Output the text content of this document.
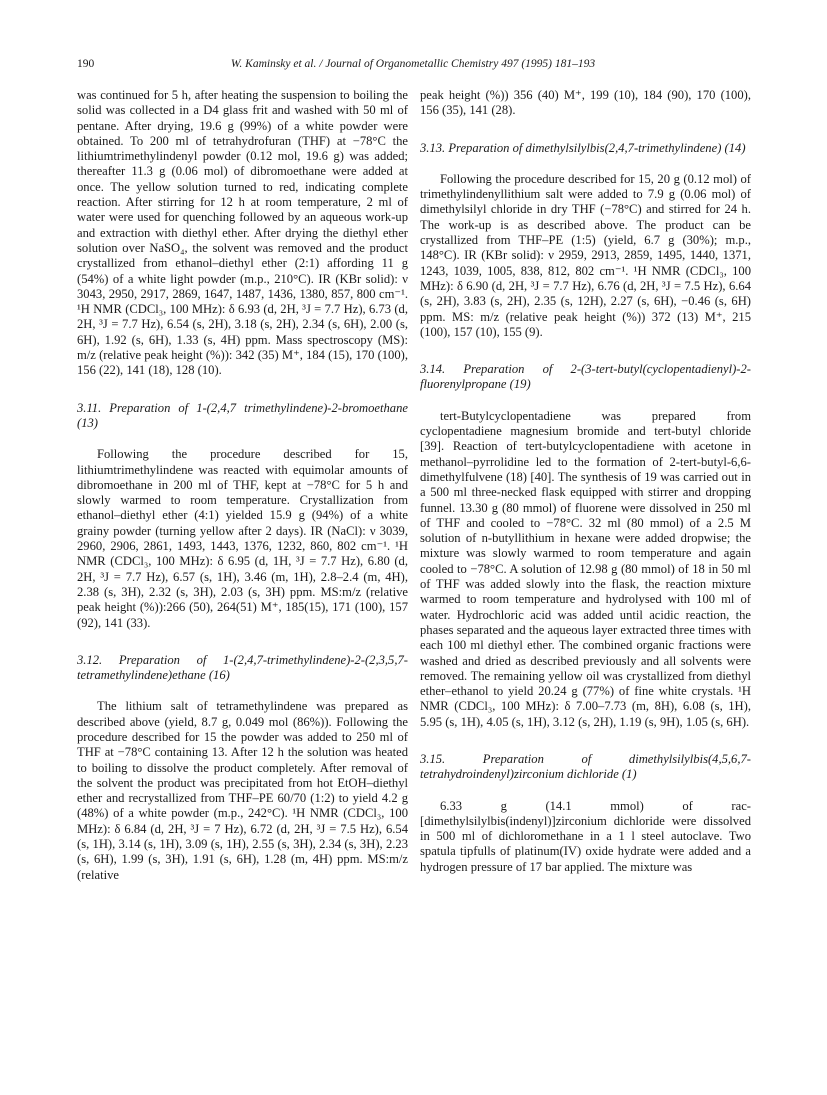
190	W. Kaminsky et al. / Journal of Organometallic Chemistry 497 (1995) 181–193

was continued for 5 h, after heating the suspension to boiling the solid was collected in a D4 glass frit and washed with 50 ml of pentane. After drying, 19.6 g (99%) of a white powder were obtained. To 200 ml of tetrahydrofuran (THF) at −78°C the lithiumtrimethylindenyl powder (0.12 mol, 19.6 g) was added; thereafter 11.3 g (0.06 mol) of dibromoethane were added at once. The yellow solution turned to red, indicating complete reaction. After stirring for 12 h at room temperature, 2 ml of water were used for quenching followed by an aqueous work-up and extraction with diethyl ether. After drying the diethyl ether solution over NaSO₄, the solvent was removed and the product crystallized from ethanol–diethyl ether (2:1) affording 11 g (54%) of a white light powder (m.p., 210°C). IR (KBr solid): ν 3043, 2950, 2917, 2869, 1647, 1487, 1436, 1380, 857, 800 cm⁻¹. ¹H NMR (CDCl₃, 100 MHz): δ 6.93 (d, 2H, ³J = 7.7 Hz), 6.73 (d, 2H, ³J = 7.7 Hz), 6.54 (s, 2H), 3.18 (s, 2H), 2.34 (s, 6H), 2.00 (s, 6H), 1.92 (s, 6H), 1.33 (s, 4H) ppm. Mass spectroscopy (MS): m/z (relative peak height (%)): 342 (35) M⁺, 184 (15), 170 (100), 156 (22), 141 (18), 128 (10).

3.11. Preparation of 1-(2,4,7 trimethylindene)-2-bromoethane (13)

Following the procedure described for 15, lithiumtrimethylindene was reacted with equimolar amounts of dibromoethane in 200 ml of THF, kept at −78°C for 5 h and slowly warmed to room temperature. Crystallization from ethanol–diethyl ether (4:1) yielded 15.9 g (94%) of a white grainy powder (turning yellow after 2 days). IR (NaCl): ν 3039, 2960, 2906, 2861, 1493, 1443, 1376, 1232, 860, 802 cm⁻¹. ¹H NMR (CDCl₃, 100 MHz): δ 6.95 (d, 1H, ³J = 7.7 Hz), 6.80 (d, 2H, ³J = 7.7 Hz), 6.57 (s, 1H), 3.46 (m, 1H), 2.8–2.4 (m, 4H), 2.38 (s, 3H), 2.32 (s, 3H), 2.03 (s, 3H) ppm. MS:m/z (relative peak height (%)):266 (50), 264(51) M⁺, 185(15), 171 (100), 157 (92), 141 (33).

3.12. Preparation of 1-(2,4,7-trimethylindene)-2-(2,3,5,7-tetramethylindene)ethane (16)

The lithium salt of tetramethylindene was prepared as described above (yield, 8.7 g, 0.049 mol (86%)). Following the procedure described for 15 the powder was added to 250 ml of THF at −78°C containing 13. After 12 h the solution was heated to boiling to dissolve the product completely. After removal of the solvent the product was precipitated from hot EtOH–diethyl ether and recrystallized from THF–PE 60/70 (1:2) to yield 4.2 g (48%) of a white powder (m.p., 242°C). ¹H NMR (CDCl₃, 100 MHz): δ 6.84 (d, 2H, ³J = 7 Hz), 6.72 (d, 2H, ³J = 7.5 Hz), 6.54 (s, 1H), 3.14 (s, 1H), 3.09 (s, 1H), 2.55 (s, 3H), 2.34 (s, 3H), 2.23 (s, 6H), 1.99 (s, 3H), 1.91 (s, 6H), 1.28 (m, 4H) ppm. MS:m/z (relative

peak height (%)) 356 (40) M⁺, 199 (10), 184 (90), 170 (100), 156 (35), 141 (28).

3.13. Preparation of dimethylsilylbis(2,4,7-trimethylindene) (14)

Following the procedure described for 15, 20 g (0.12 mol) of trimethylindenyllithium salt were added to 7.9 g (0.06 mol) of dimethylsilyl chloride in dry THF (−78°C) and stirred for 24 h. The work-up is as described above. The product can be crystallized from THF–PE (1:5) (yield, 6.7 g (30%); m.p., 148°C). IR (KBr solid): ν 2959, 2913, 2859, 1495, 1440, 1371, 1243, 1039, 1005, 838, 812, 802 cm⁻¹. ¹H NMR (CDCl₃, 100 MHz): δ 6.90 (d, 2H, ³J = 7.7 Hz), 6.76 (d, 2H, ³J = 7.5 Hz), 6.64 (s, 2H), 3.83 (s, 2H), 2.35 (s, 12H), 2.27 (s, 6H), −0.46 (s, 6H) ppm. MS: m/z (relative peak height (%)) 372 (13) M⁺, 215 (100), 157 (10), 155 (9).

3.14. Preparation of 2-(3-tert-butyl(cyclopentadienyl)-2-fluorenylpropane (19)

tert-Butylcyclopentadiene was prepared from cyclopentadiene magnesium bromide and tert-butyl chloride [39]. Reaction of tert-butylcyclopentadiene with acetone in methanol–pyrrolidine led to the formation of 2-tert-butyl-6,6-dimethylfulvene (18) [40]. The synthesis of 19 was carried out in a 500 ml three-necked flask equipped with stirrer and dropping funnel. 13.30 g (80 mmol) of fluorene were dissolved in 250 ml of THF and cooled to −78°C. 32 ml (80 mmol) of a 2.5 M solution of n-butyllithium in hexane were added dropwise; the mixture was slowly warmed to room temperature and again cooled to −78°C. A solution of 12.98 g (80 mmol) of 18 in 50 ml of THF was added slowly into the flask, the reaction mixture warmed to room temperature and hydrolysed with 100 ml of water. Hydrochloric acid was added until acidic reaction, the phases separated and the aqueous layer extracted three times with each 100 ml diethyl ether. The combined organic fractions were washed and dried as described previously and all solvents were removed. The remaining yellow oil was crystallized from diethyl ether–ethanol to yield 20.24 g (77%) of fine white crystals. ¹H NMR (CDCl₃, 100 MHz): δ 7.00–7.73 (m, 8H), 6.08 (s, 1H), 5.95 (s, 1H), 4.05 (s, 1H), 3.12 (s, 2H), 1.19 (s, 9H), 1.05 (s, 6H).

3.15. Preparation of dimethylsilylbis(4,5,6,7-tetrahydroindenyl)zirconium dichloride (1)

6.33 g (14.1 mmol) of rac-[dimethylsilylbis(indenyl)]zirconium dichloride were dissolved in 500 ml of dichloromethane in a 1 l steel autoclave. Two spatula tipfulls of platinum(IV) oxide hydrate were added and a hydrogen pressure of 17 bar applied. The mixture was
